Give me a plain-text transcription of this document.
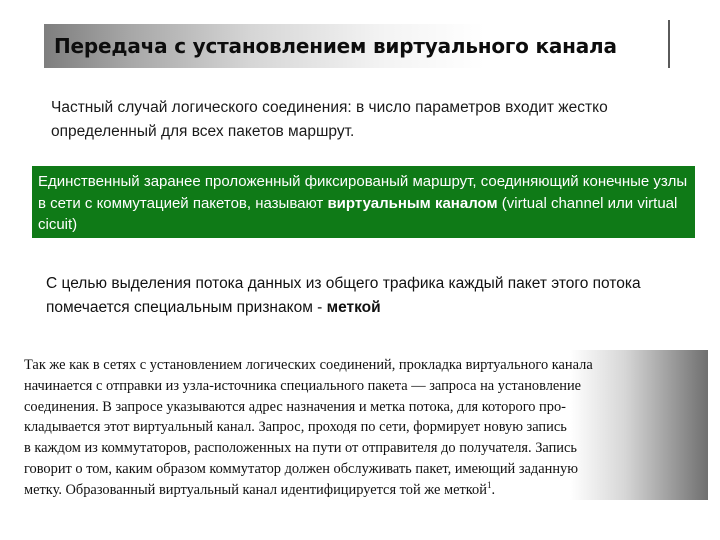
Передача с установлением виртуального канала
Частный случай логического соединения: в число параметров входит жестко определенный для всех пакетов маршрут.
Единственный заранее проложенный фиксированый маршрут, соединяющий конечные узлы в сети с коммутацией пакетов, называют виртуальным каналом (virtual channel или virtual cicuit)
С целью выделения потока данных из общего трафика каждый пакет этого потока помечается специальным признаком - меткой
Так же как в сетях с установлением логических соединений, прокладка виртуального канала
начинается с отправки из узла-источника специального пакета — запроса на установление
соединения. В запросе указываются адрес назначения и метка потока, для которого про-
кладывается этот виртуальный канал. Запрос, проходя по сети, формирует новую запись
в каждом из коммутаторов, расположенных на пути от отправителя до получателя. Запись
говорит о том, каким образом коммутатор должен обслуживать пакет, имеющий заданную
метку. Образованный виртуальный канал идентифицируется той же меткой$^1$.
